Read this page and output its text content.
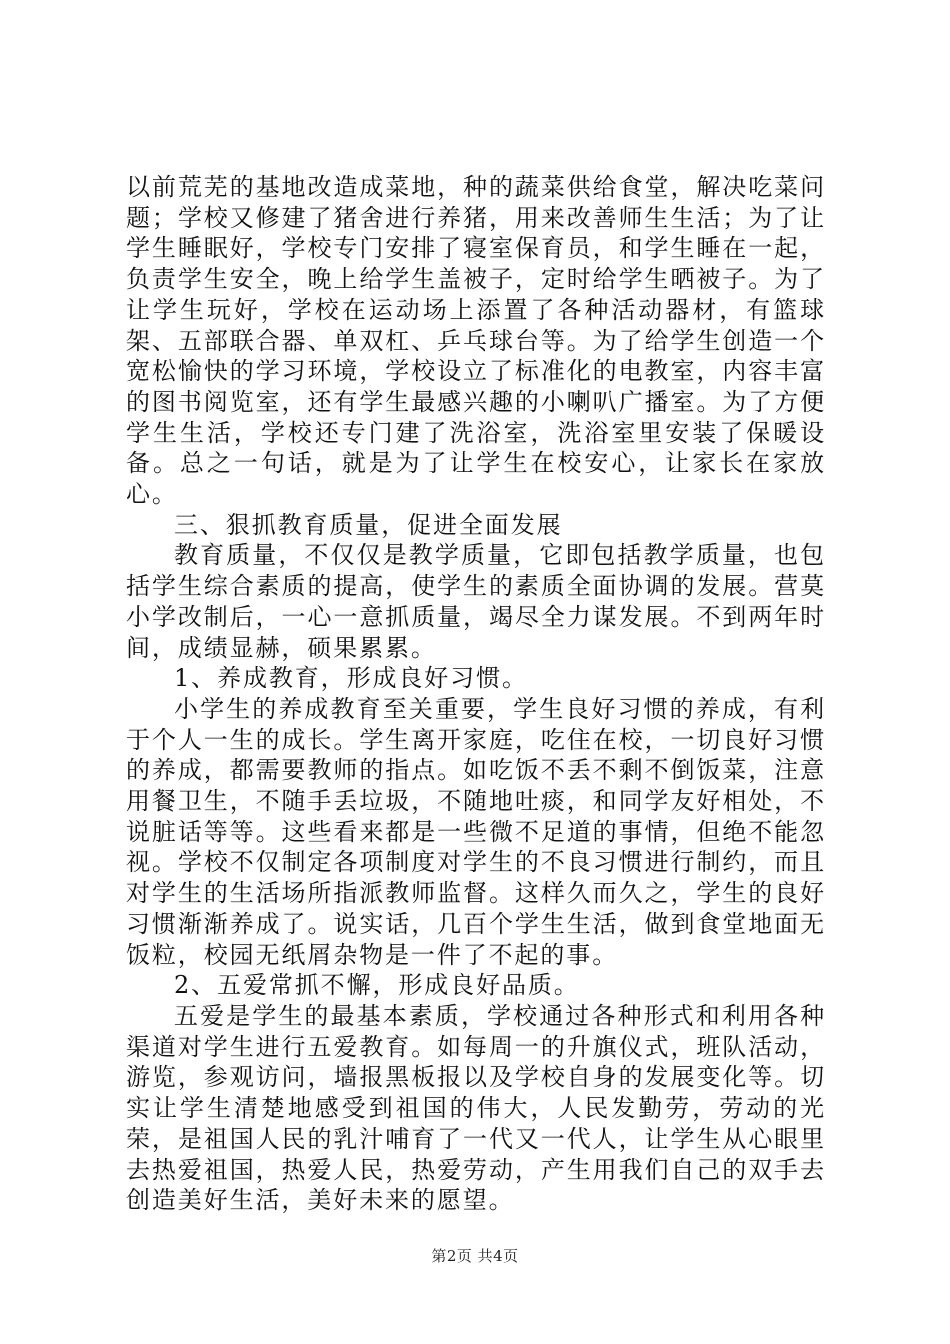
以前荒芜的基地改造成菜地，种的蔬菜供给食堂，解决吃菜问题；学校又修建了猪舍进行养猪，用来改善师生生活；为了让学生睡眠好，学校专门安排了寝室保育员，和学生睡在一起，负责学生安全，晚上给学生盖被子，定时给学生晒被子。为了让学生玩好，学校在运动场上添置了各种活动器材，有篮球架、五部联合器、单双杠、乒乓球台等。为了给学生创造一个宽松愉快的学习环境，学校设立了标准化的电教室，内容丰富的图书阅览室，还有学生最感兴趣的小喇叭广播室。为了方便学生生活，学校还专门建了洗浴室，洗浴室里安装了保暖设备。总之一句话，就是为了让学生在校安心，让家长在家放心。

三、狠抓教育质量，促进全面发展

教育质量，不仅仅是教学质量，它即包括教学质量，也包括学生综合素质的提高，使学生的素质全面协调的发展。营莫小学改制后，一心一意抓质量，竭尽全力谋发展。不到两年时间，成绩显赫，硕果累累。

1、养成教育，形成良好习惯。

小学生的养成教育至关重要，学生良好习惯的养成，有利于个人一生的成长。学生离开家庭，吃住在校，一切良好习惯的养成，都需要教师的指点。如吃饭不丢不剩不倒饭菜，注意用餐卫生，不随手丢垃圾，不随地吐痰，和同学友好相处，不说脏话等等。这些看来都是一些微不足道的事情，但绝不能忽视。学校不仅制定各项制度对学生的不良习惯进行制约，而且对学生的生活场所指派教师监督。这样久而久之，学生的良好习惯渐渐养成了。说实话，几百个学生生活，做到食堂地面无饭粒，校园无纸屑杂物是一件了不起的事。

2、五爱常抓不懈，形成良好品质。

五爱是学生的最基本素质，学校通过各种形式和利用各种渠道对学生进行五爱教育。如每周一的升旗仪式，班队活动，游览，参观访问，墙报黑板报以及学校自身的发展变化等。切实让学生清楚地感受到祖国的伟大，人民发勤劳，劳动的光荣，是祖国人民的乳汁哺育了一代又一代人，让学生从心眼里去热爱祖国，热爱人民，热爱劳动，产生用我们自己的双手去创造美好生活，美好未来的愿望。

第2页 共4页
